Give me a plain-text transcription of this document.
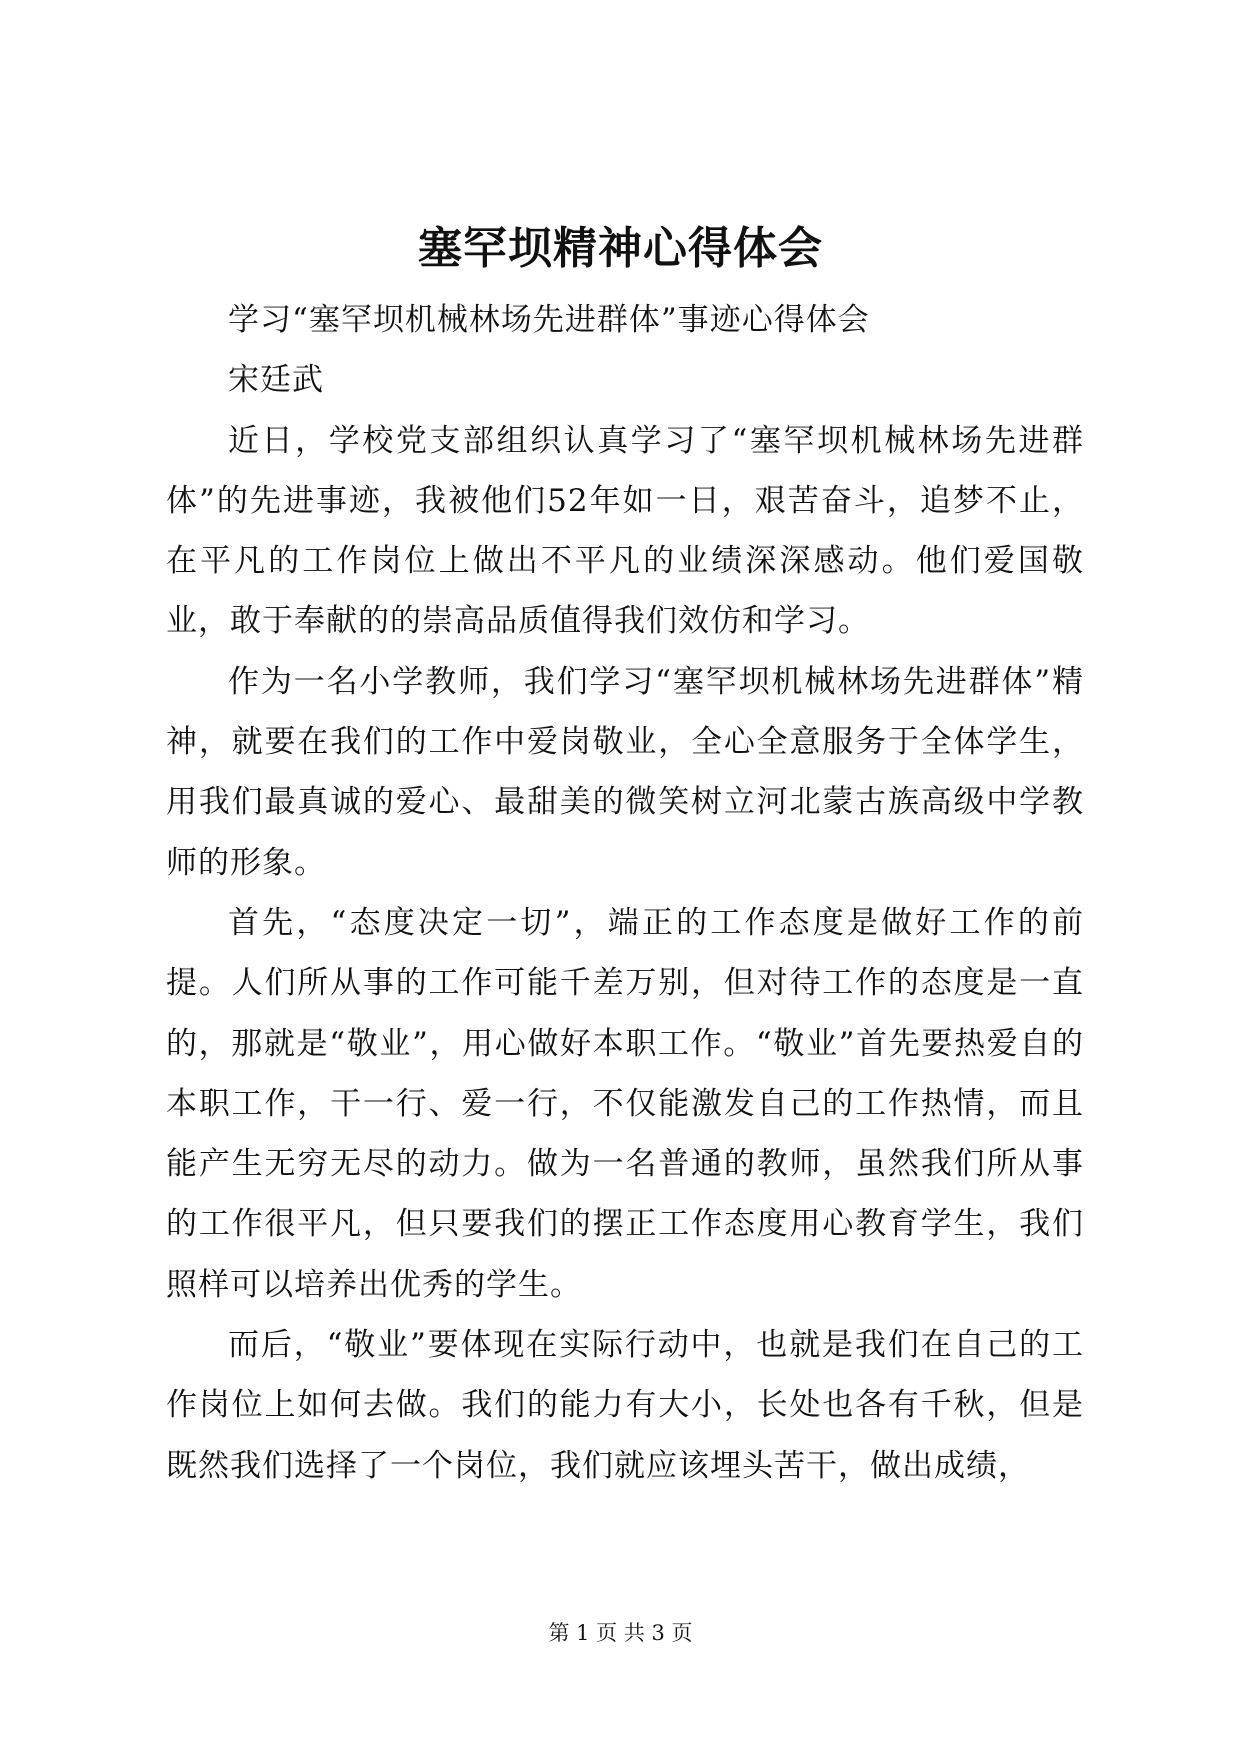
塞罕坝精神心得体会

学习“塞罕坝机械林场先进群体”事迹心得体会

宋廷武

近日，学校党支部组织认真学习了“塞罕坝机械林场先进群体”的先进事迹，我被他们52年如一日，艰苦奋斗，追梦不止，在平凡的工作岗位上做出不平凡的业绩深深感动。他们爱国敬业，敢于奉献的的崇高品质值得我们效仿和学习。

作为一名小学教师，我们学习“塞罕坝机械林场先进群体”精神，就要在我们的工作中爱岗敬业，全心全意服务于全体学生，用我们最真诚的爱心、最甜美的微笑树立河北蒙古族高级中学教师的形象。

首先，“态度决定一切”，端正的工作态度是做好工作的前提。人们所从事的工作可能千差万别，但对待工作的态度是一直的，那就是“敬业”，用心做好本职工作。“敬业”首先要热爱自的本职工作，干一行、爱一行，不仅能激发自己的工作热情，而且能产生无穷无尽的动力。做为一名普通的教师，虽然我们所从事的工作很平凡，但只要我们的摆正工作态度用心教育学生，我们照样可以培养出优秀的学生。

而后，“敬业”要体现在实际行动中，也就是我们在自己的工作岗位上如何去做。我们的能力有大小，长处也各有千秋，但是既然我们选择了一个岗位，我们就应该埋头苦干，做出成绩，

第 1 页 共 3 页
